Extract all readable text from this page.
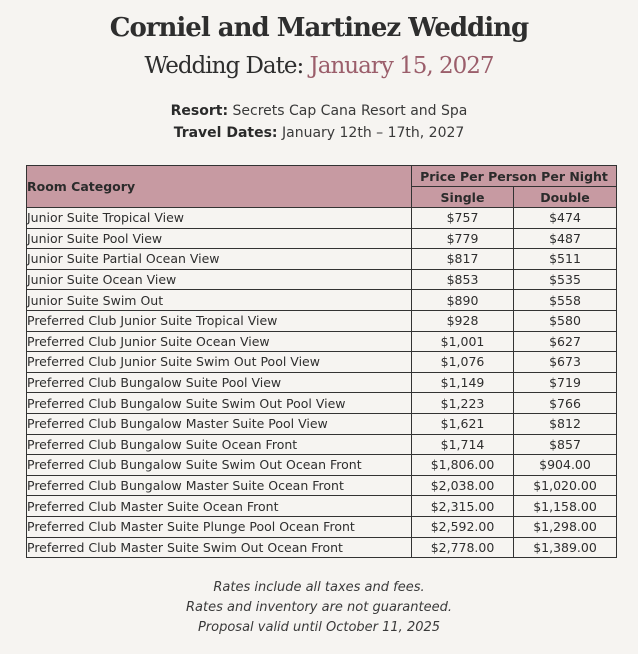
Corniel and Martinez Wedding
Wedding Date: January 15, 2027
Resort: Secrets Cap Cana Resort and Spa
Travel Dates: January 12th – 17th, 2027
Room Category	Price Per Person Per Night	
	Single	Double
Junior Suite Tropical View	$757	$474
Junior Suite Pool View	$779	$487
Junior Suite Partial Ocean View	$817	$511
Junior Suite Ocean View	$853	$535
Junior Suite Swim Out	$890	$558
Preferred Club Junior Suite Tropical View	$928	$580
Preferred Club Junior Suite Ocean View	$1,001	$627
Preferred Club Junior Suite Swim Out Pool View	$1,076	$673
Preferred Club Bungalow Suite Pool View	$1,149	$719
Preferred Club Bungalow Suite Swim Out Pool View	$1,223	$766
Preferred Club Bungalow Master Suite Pool View	$1,621	$812
Preferred Club Bungalow Suite Ocean Front	$1,714	$857
Preferred Club Bungalow Suite Swim Out Ocean Front	$1,806.00	$904.00
Preferred Club Bungalow Master Suite Ocean Front	$2,038.00	$1,020.00
Preferred Club Master Suite Ocean Front	$2,315.00	$1,158.00
Preferred Club Master Suite Plunge Pool Ocean Front	$2,592.00	$1,298.00
Preferred Club Master Suite Swim Out Ocean Front	$2,778.00	$1,389.00
Rates include all taxes and fees.
Rates and inventory are not guaranteed.
Proposal valid until October 11, 2025
